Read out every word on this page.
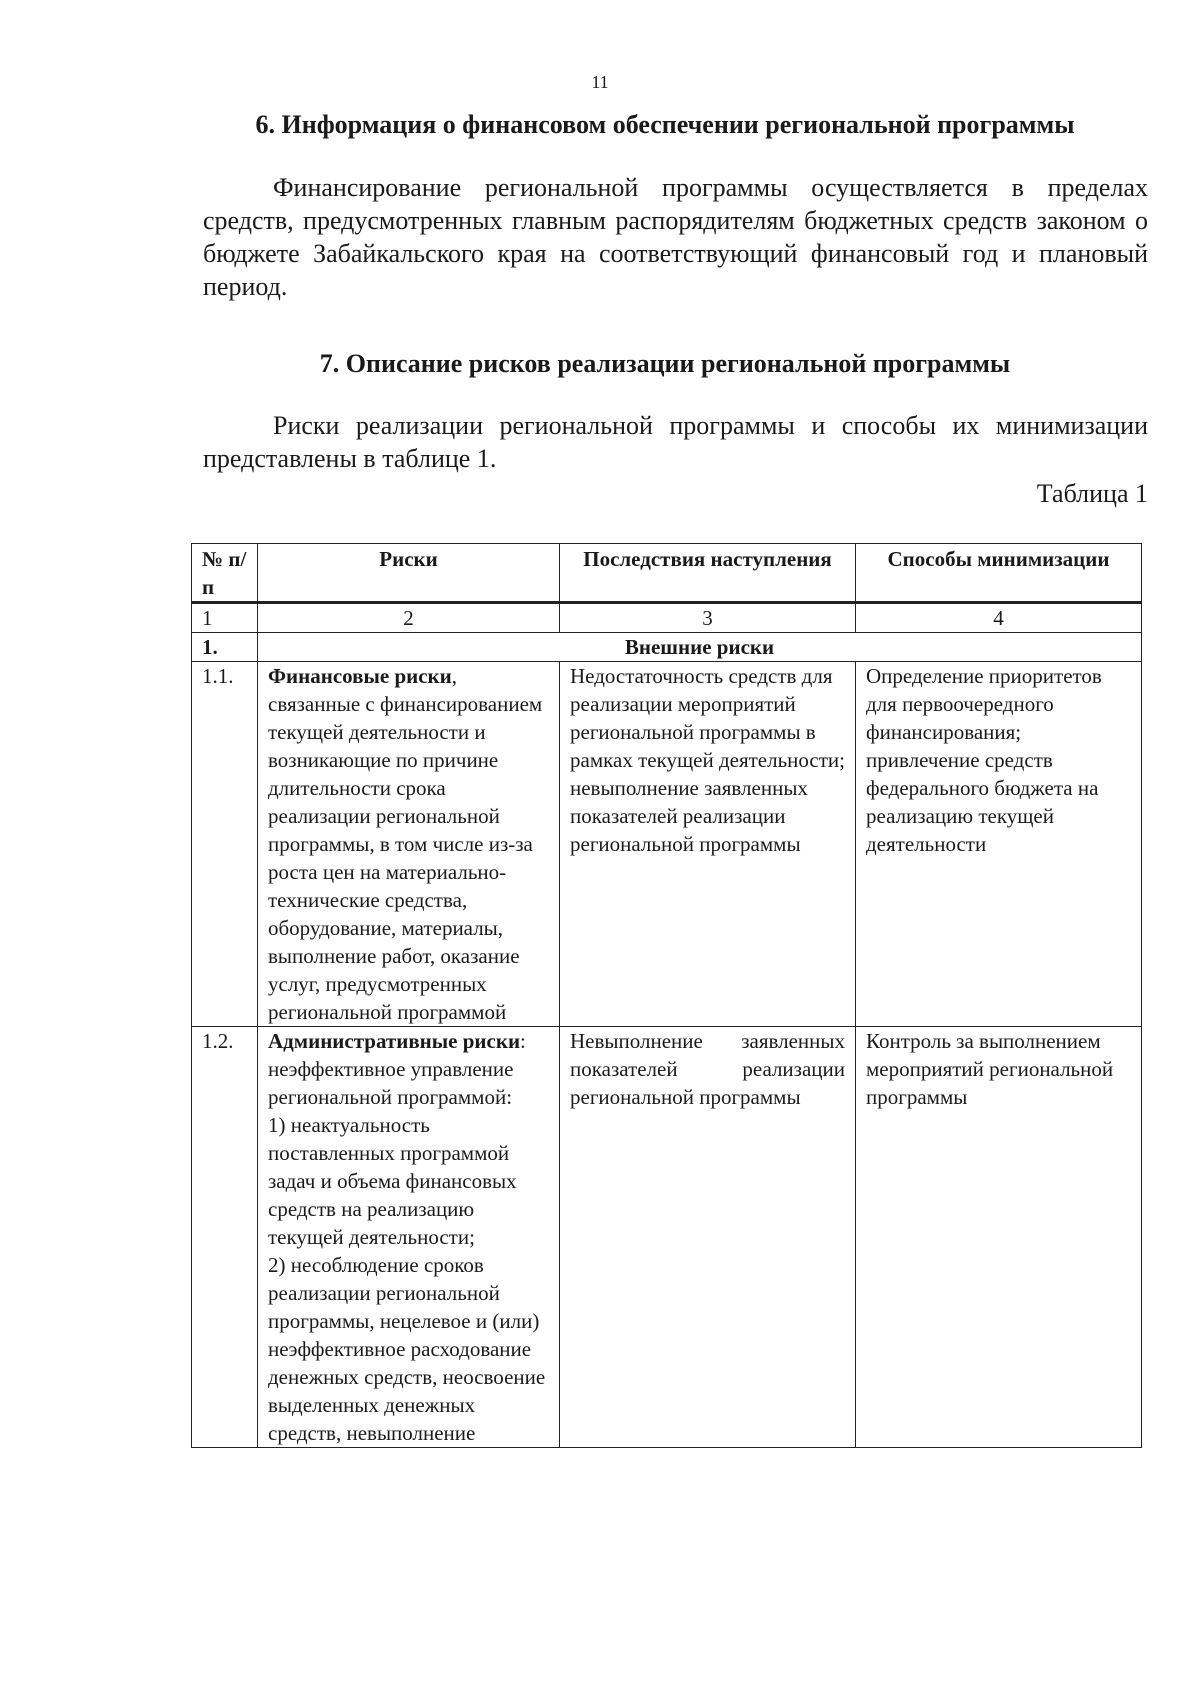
11
6. Информация о финансовом обеспечении региональной программы

Финансирование региональной программы осуществляется в пределах средств, предусмотренных главным распорядителям бюджетных средств законом о бюджете Забайкальского края на соответствующий финансовый год и плановый период.

7. Описание рисков реализации региональной программы

Риски реализации региональной программы и способы их минимизации представлены в таблице 1.

Таблица 1
№ п/п	Риски	Последствия наступления	Способы минимизации
1	2	3	4
1.	Внешние риски		
1.1.	Финансовые риски, связанные с финансированием текущей деятельности и возникающие по причине длительности срока реализации региональной программы, в том числе из-за роста цен на материально-технические средства, оборудование, материалы, выполнение работ, оказание услуг, предусмотренных региональной программой	Недостаточность средств для реализации мероприятий региональной программы в рамках текущей деятельности; невыполнение заявленных показателей реализации региональной программы	Определение приоритетов для первоочередного финансирования; привлечение средств федерального бюджета на реализацию текущей деятельности
1.2.	Административные риски: неэффективное управление региональной программой:
1) неактуальность поставленных программой задач и объема финансовых средств на реализацию текущей деятельности;
2) несоблюдение сроков реализации региональной программы, нецелевое и (или) неэффективное расходование денежных средств, неосвоение выделенных денежных средств, невыполнение	Невыполнение заявленных показателей реализации региональной программы	Контроль за выполнением мероприятий региональной программы
